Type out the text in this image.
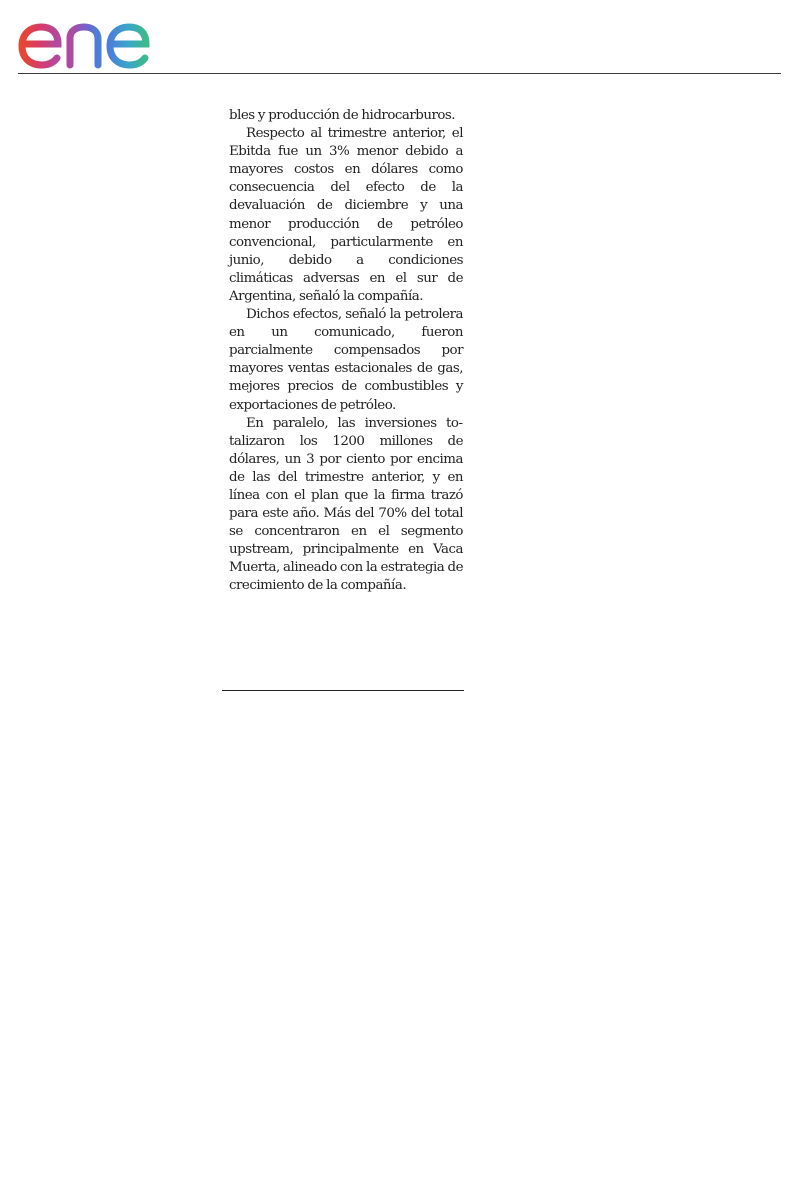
bles y producción de hidrocarburos.

Respecto al trimestre anterior, el Ebitda fue un 3% menor debido a mayores costos en dólares como consecuencia del efecto de la devaluación de diciembre y una menor producción de petróleo convencional, particularmente en junio, debido a condiciones climáticas adversas en el sur de Argentina, señaló la compañía.

Dichos efectos, señaló la petrolera en un comunicado, fueron parcialmente compensados por mayores ventas estacionales de gas, mejores precios de combustibles y exportaciones de petróleo.

En paralelo, las inversiones totalizaron los 1200 millones de dólares, un 3 por ciento por encima de las del trimestre anterior, y en línea con el plan que la firma trazó para este año. Más del 70% del total se concentraron en el segmento upstream, principalmente en Vaca Muerta, alineado con la estrategia de crecimiento de la compañía.
